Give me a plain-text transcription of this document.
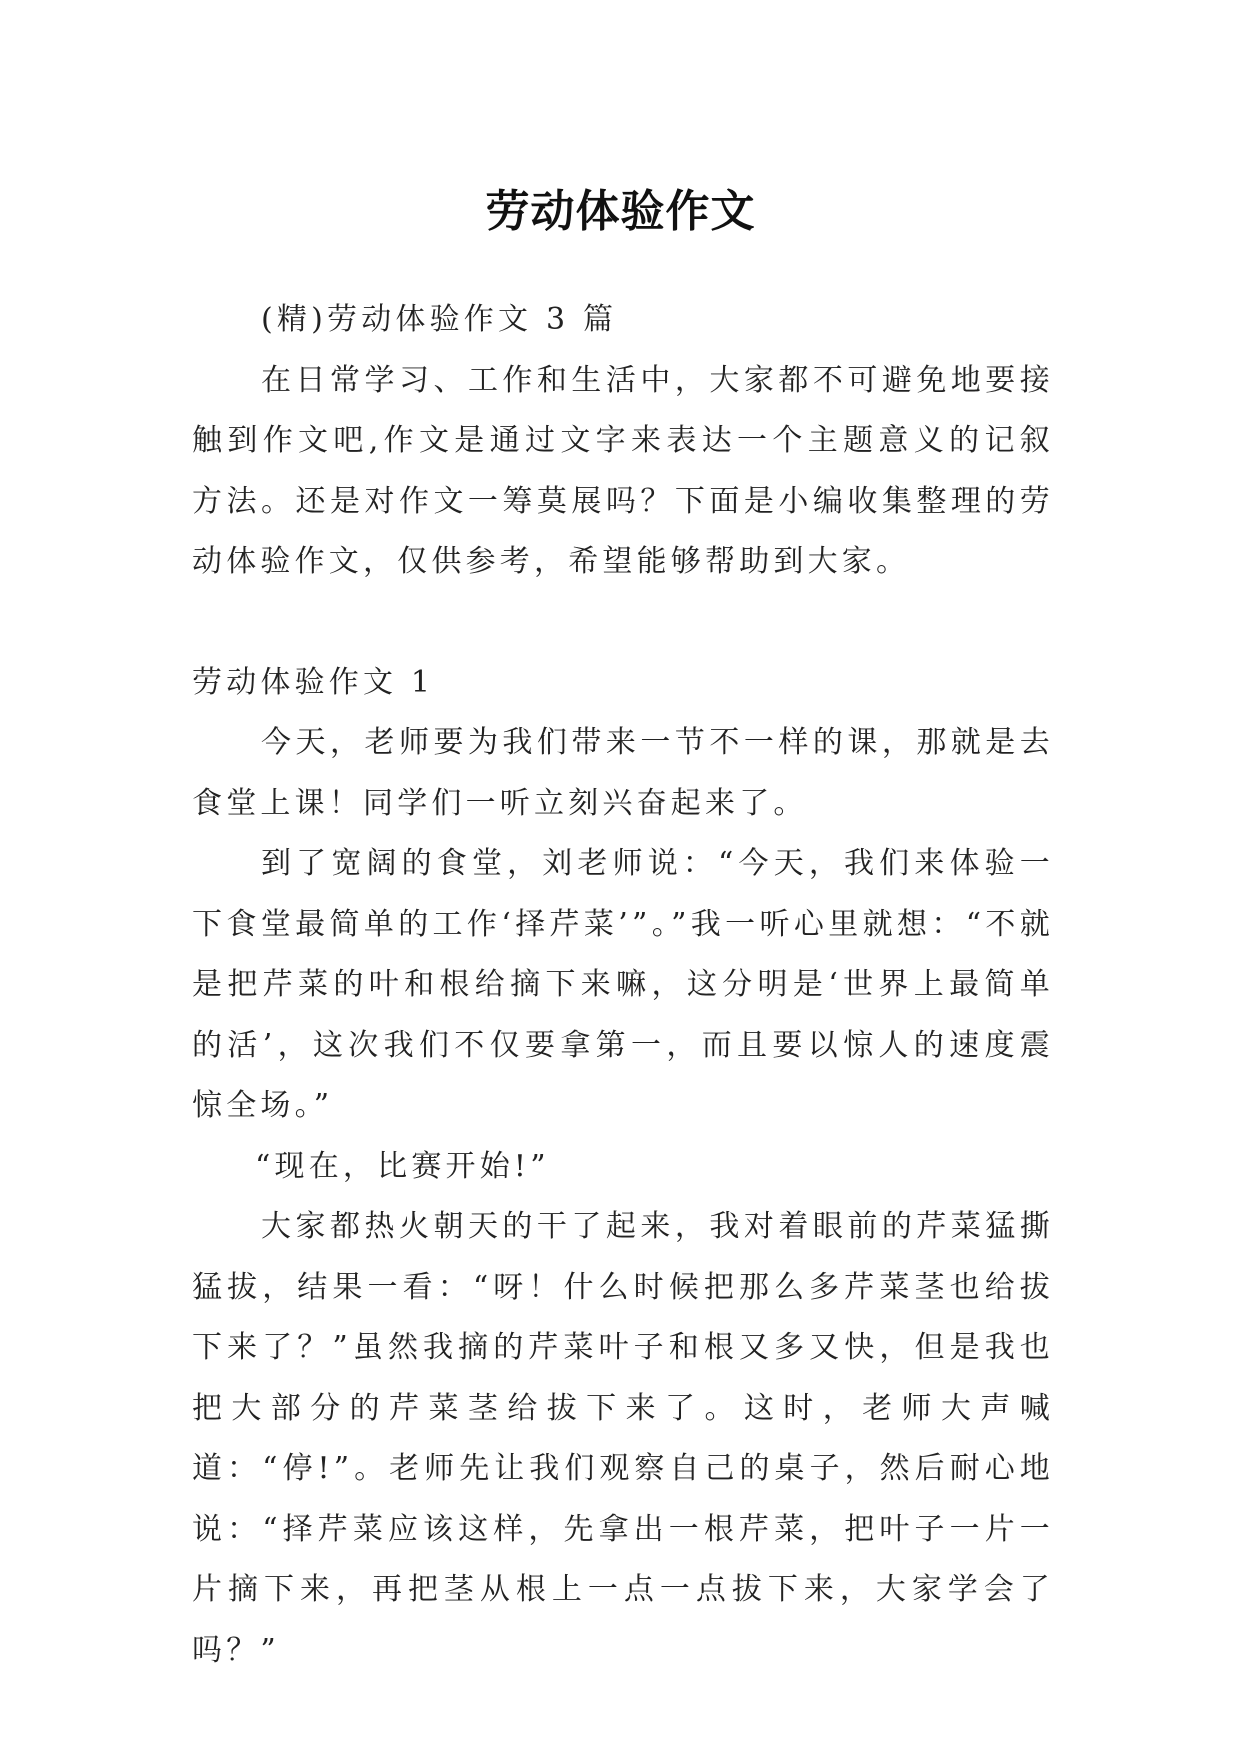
劳动体验作文

(精)劳动体验作文 3 篇

在日常学习、工作和生活中，大家都不可避免地要接触到作文吧,作文是通过文字来表达一个主题意义的记叙方法。还是对作文一筹莫展吗？下面是小编收集整理的劳动体验作文，仅供参考，希望能够帮助到大家。

劳动体验作文 1

今天，老师要为我们带来一节不一样的课，那就是去食堂上课！同学们一听立刻兴奋起来了。

到了宽阔的食堂，刘老师说：“今天，我们来体验一下食堂最简单的工作‘择芹菜’”。”我一听心里就想：“不就是把芹菜的叶和根给摘下来嘛，这分明是‘世界上最简单的活’，这次我们不仅要拿第一，而且要以惊人的速度震惊全场。”

“现在，比赛开始!”

大家都热火朝天的干了起来，我对着眼前的芹菜猛撕猛拔，结果一看：“呀！什么时候把那么多芹菜茎也给拔下来了？”虽然我摘的芹菜叶子和根又多又快，但是我也把大部分的芹菜茎给拔下来了。这时，老师大声喊道：“停!”。老师先让我们观察自己的桌子，然后耐心地说：“择芹菜应该这样，先拿出一根芹菜，把叶子一片一片摘下来，再把茎从根上一点一点拔下来，大家学会了吗？”
